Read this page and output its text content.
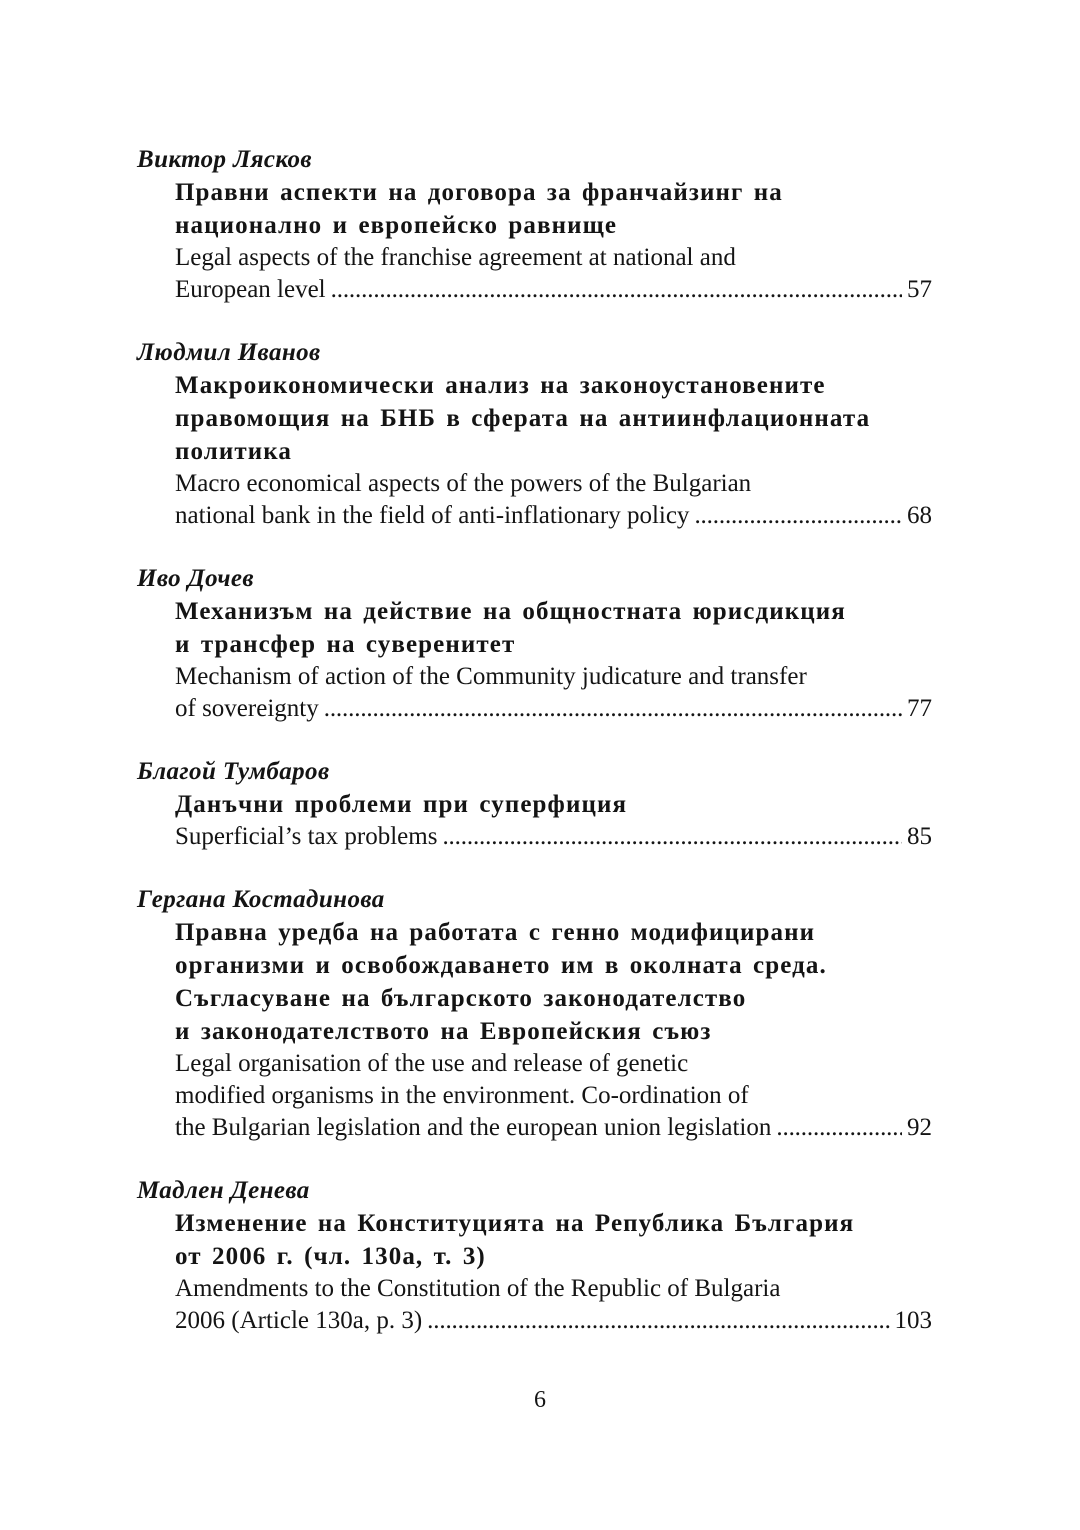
Виктор Лясков
Правни аспекти на договора за франчайзинг на
национално и европейско равнище
Legal aspects of the franchise agreement at national and
European level . . .	57
Людмил Иванов
Макроикономически анализ на законоустановените
правомощия на БНБ в сферата на антиинфлационната
политика
Macro economical aspects of the powers of the Bulgarian
national bank in the field of anti-inflationary policy . . .	68
Иво Дочев
Механизъм на действие на общностната юрисдикция
и трансфер на суверенитет
Mechanism of action of the Community judicature and transfer
of sovereignty . . .	77
Благой Тумбаров
Данъчни проблеми при суперфиция
Superficial’s tax problems . . .	85
Гергана Костадинова
Правна уредба на работата с генно модифицирани
организми и освобождаването им в околната среда.
Съгласуване на българското законодателство
и законодателството на Европейския съюз
Legal organisation of the use and release of genetic
modified organisms in the environment. Co-ordination of
the Bulgarian legislation and the european union legislation . . .	92
Мадлен Денева
Изменение на Конституцията на Република България
от 2006 г. (чл. 130а, т. 3)
Amendments to the Constitution of the Republic of Bulgaria
2006 (Article 130a, p. 3) . . .	103
6
